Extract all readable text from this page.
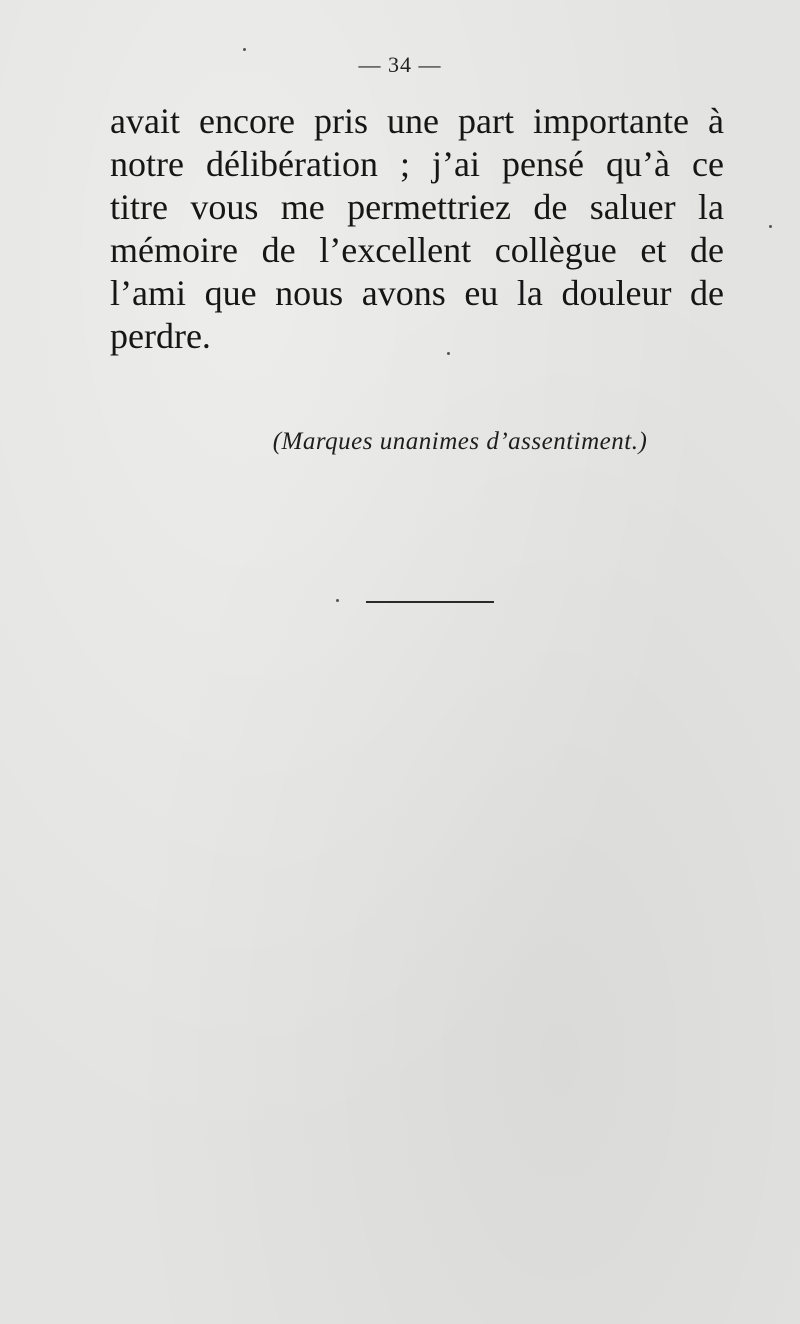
— 34 —
avait encore pris une part importante à
notre délibération ; j’ai pensé qu’à ce
titre vous me permettriez de saluer la
mémoire de l’excellent collègue et de
l’ami que nous avons eu la douleur de
perdre.
(Marques unanimes d’assentiment.)
